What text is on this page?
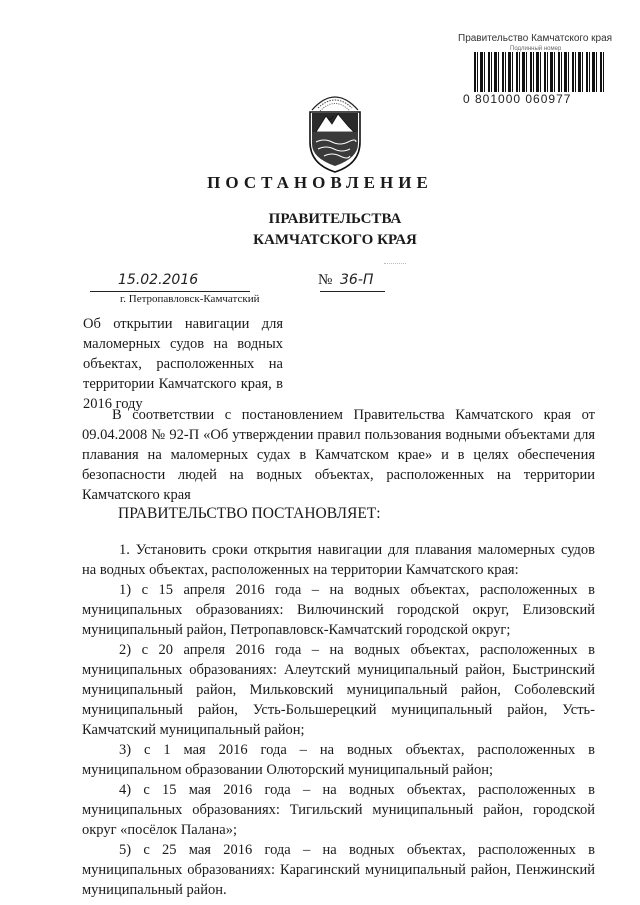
Правительство Камчатского края
Подлинный номер
0 801000 060977
ПОСТАНОВЛЕНИЕ
ПРАВИТЕЛЬСТВА
КАМЧАТСКОГО КРАЯ
15.02.2016	№ 36-П
г. Петропавловск-Камчатский
Об открытии навигации для маломерных судов на водных объектах, расположенных на территории Камчатского края, в 2016 году
В соответствии с постановлением Правительства Камчатского края от 09.04.2008 № 92-П «Об утверждении правил пользования водными объектами для плавания на маломерных судах в Камчатском крае» и в целях обеспечения безопасности людей на водных объектах, расположенных на территории Камчатского края
ПРАВИТЕЛЬСТВО ПОСТАНОВЛЯЕТ:

1. Установить сроки открытия навигации для плавания маломерных судов на водных объектах, расположенных на территории Камчатского края:

1) с 15 апреля 2016 года – на водных объектах, расположенных в муниципальных образованиях: Вилючинский городской округ, Елизовский муниципальный район, Петропавловск-Камчатский городской округ;

2) с 20 апреля 2016 года – на водных объектах, расположенных в муниципальных образованиях: Алеутский муниципальный район, Быстринский муниципальный район, Мильковский муниципальный район, Соболевский муниципальный район, Усть-Большерецкий муниципальный район, Усть-Камчатский муниципальный район;

3) с 1 мая 2016 года – на водных объектах, расположенных в муниципальном образовании Олюторский муниципальный район;

4) с 15 мая 2016 года – на водных объектах, расположенных в муниципальных образованиях: Тигильский муниципальный район, городской округ «посёлок Палана»;

5) с 25 мая 2016 года – на водных объектах, расположенных в муниципальных образованиях: Карагинский муниципальный район, Пенжинский муниципальный район.
